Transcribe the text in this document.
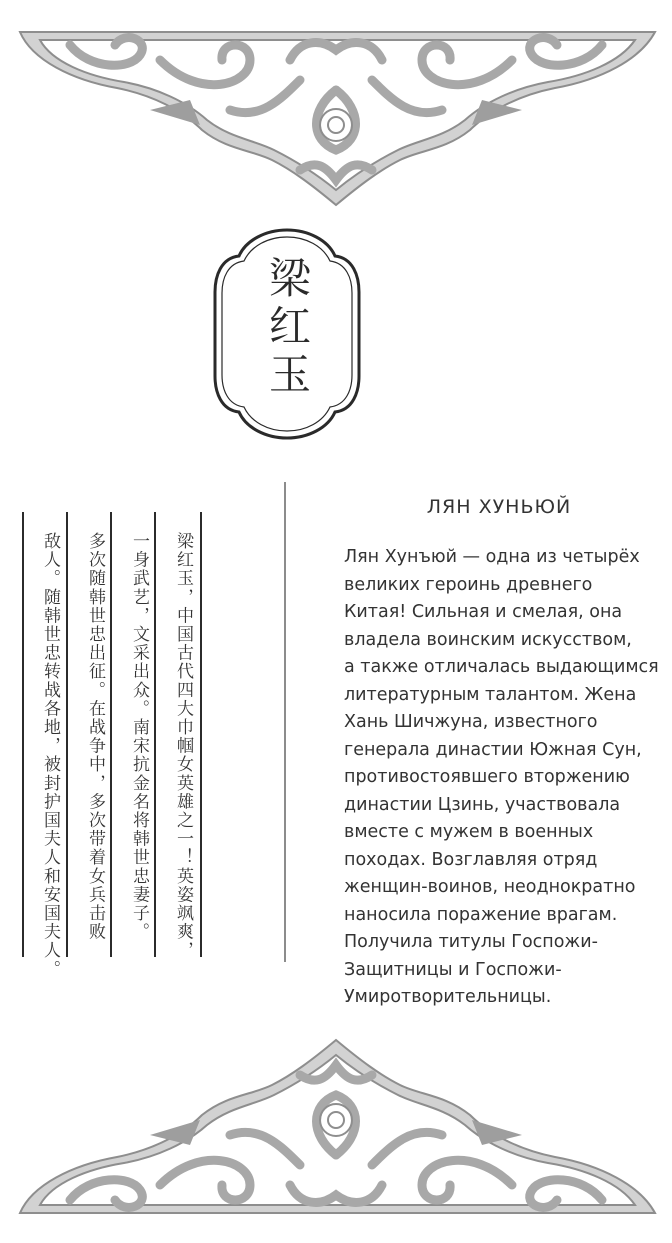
梁红玉
梁红玉，中国古代四大巾帼女英雄之一！英姿飒爽，
一身武艺，文采出众。南宋抗金名将韩世忠妻子。
多次随韩世忠出征。在战争中，多次带着女兵击败
敌人。随韩世忠转战各地，被封护国夫人和安国夫人。
ЛЯН ХУНЬЮЙ
Лян Хунъюй — одна из четырёх
великих героинь древнего
Китая! Сильная и смелая, она
владела воинским искусством,
а также отличалась выдающимся
литературным талантом. Жена
Хань Шичжуна, известного
генерала династии Южная Сун,
противостоявшего вторжению
династии Цзинь, участвовала
вместе с мужем в военных
походах. Возглавляя отряд
женщин-воинов, неоднократно
наносила поражение врагам.
Получила титулы Госпожи-
Защитницы и Госпожи-
Умиротворительницы.
